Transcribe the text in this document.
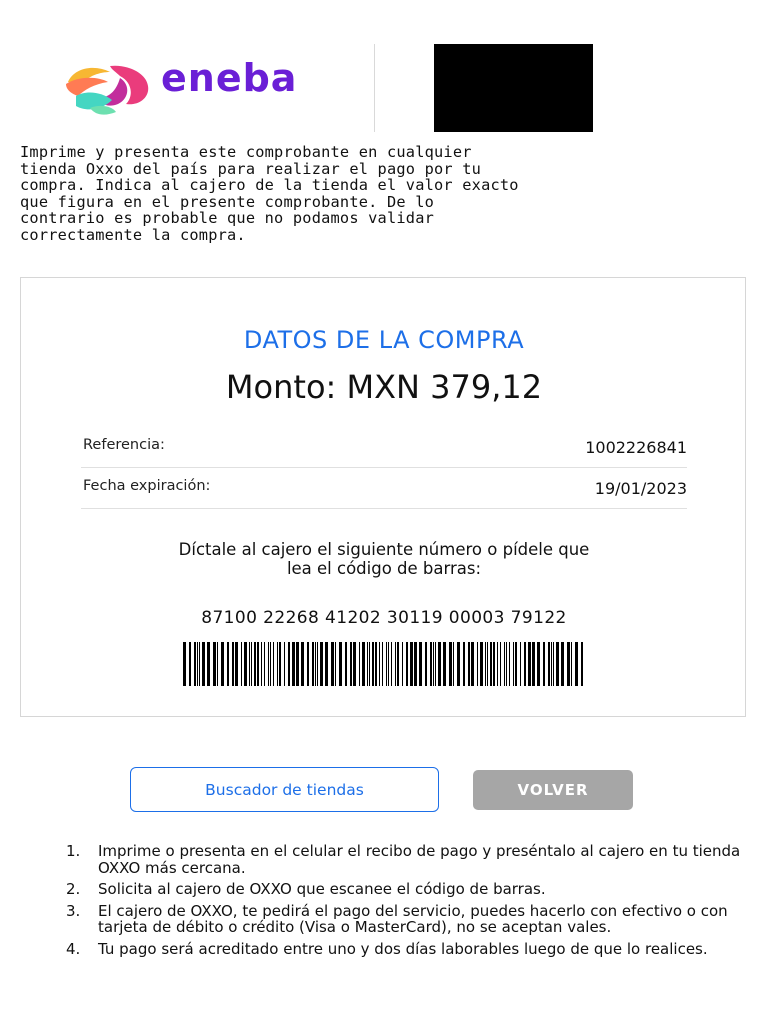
eneba
Imprime y presenta este comprobante en cualquier
tienda Oxxo del país para realizar el pago por tu
compra. Indica al cajero de la tienda el valor exacto
que figura en el presente comprobante. De lo
contrario es probable que no podamos validar
correctamente la compra.
DATOS DE LA COMPRA
Monto: MXN 379,12
Referencia:	1002226841
Fecha expiración:	19/01/2023
Díctale al cajero el siguiente número o pídele que
lea el código de barras:
87100 22268 41202 30119 00003 79122
Buscador de tiendas	VOLVER
1. Imprime o presenta en el celular el recibo de pago y preséntalo al cajero en tu tienda OXXO más cercana.
2. Solicita al cajero de OXXO que escanee el código de barras.
3. El cajero de OXXO, te pedirá el pago del servicio, puedes hacerlo con efectivo o con tarjeta de débito o crédito (Visa o MasterCard), no se aceptan vales.
4. Tu pago será acreditado entre uno y dos días laborables luego de que lo realices.
